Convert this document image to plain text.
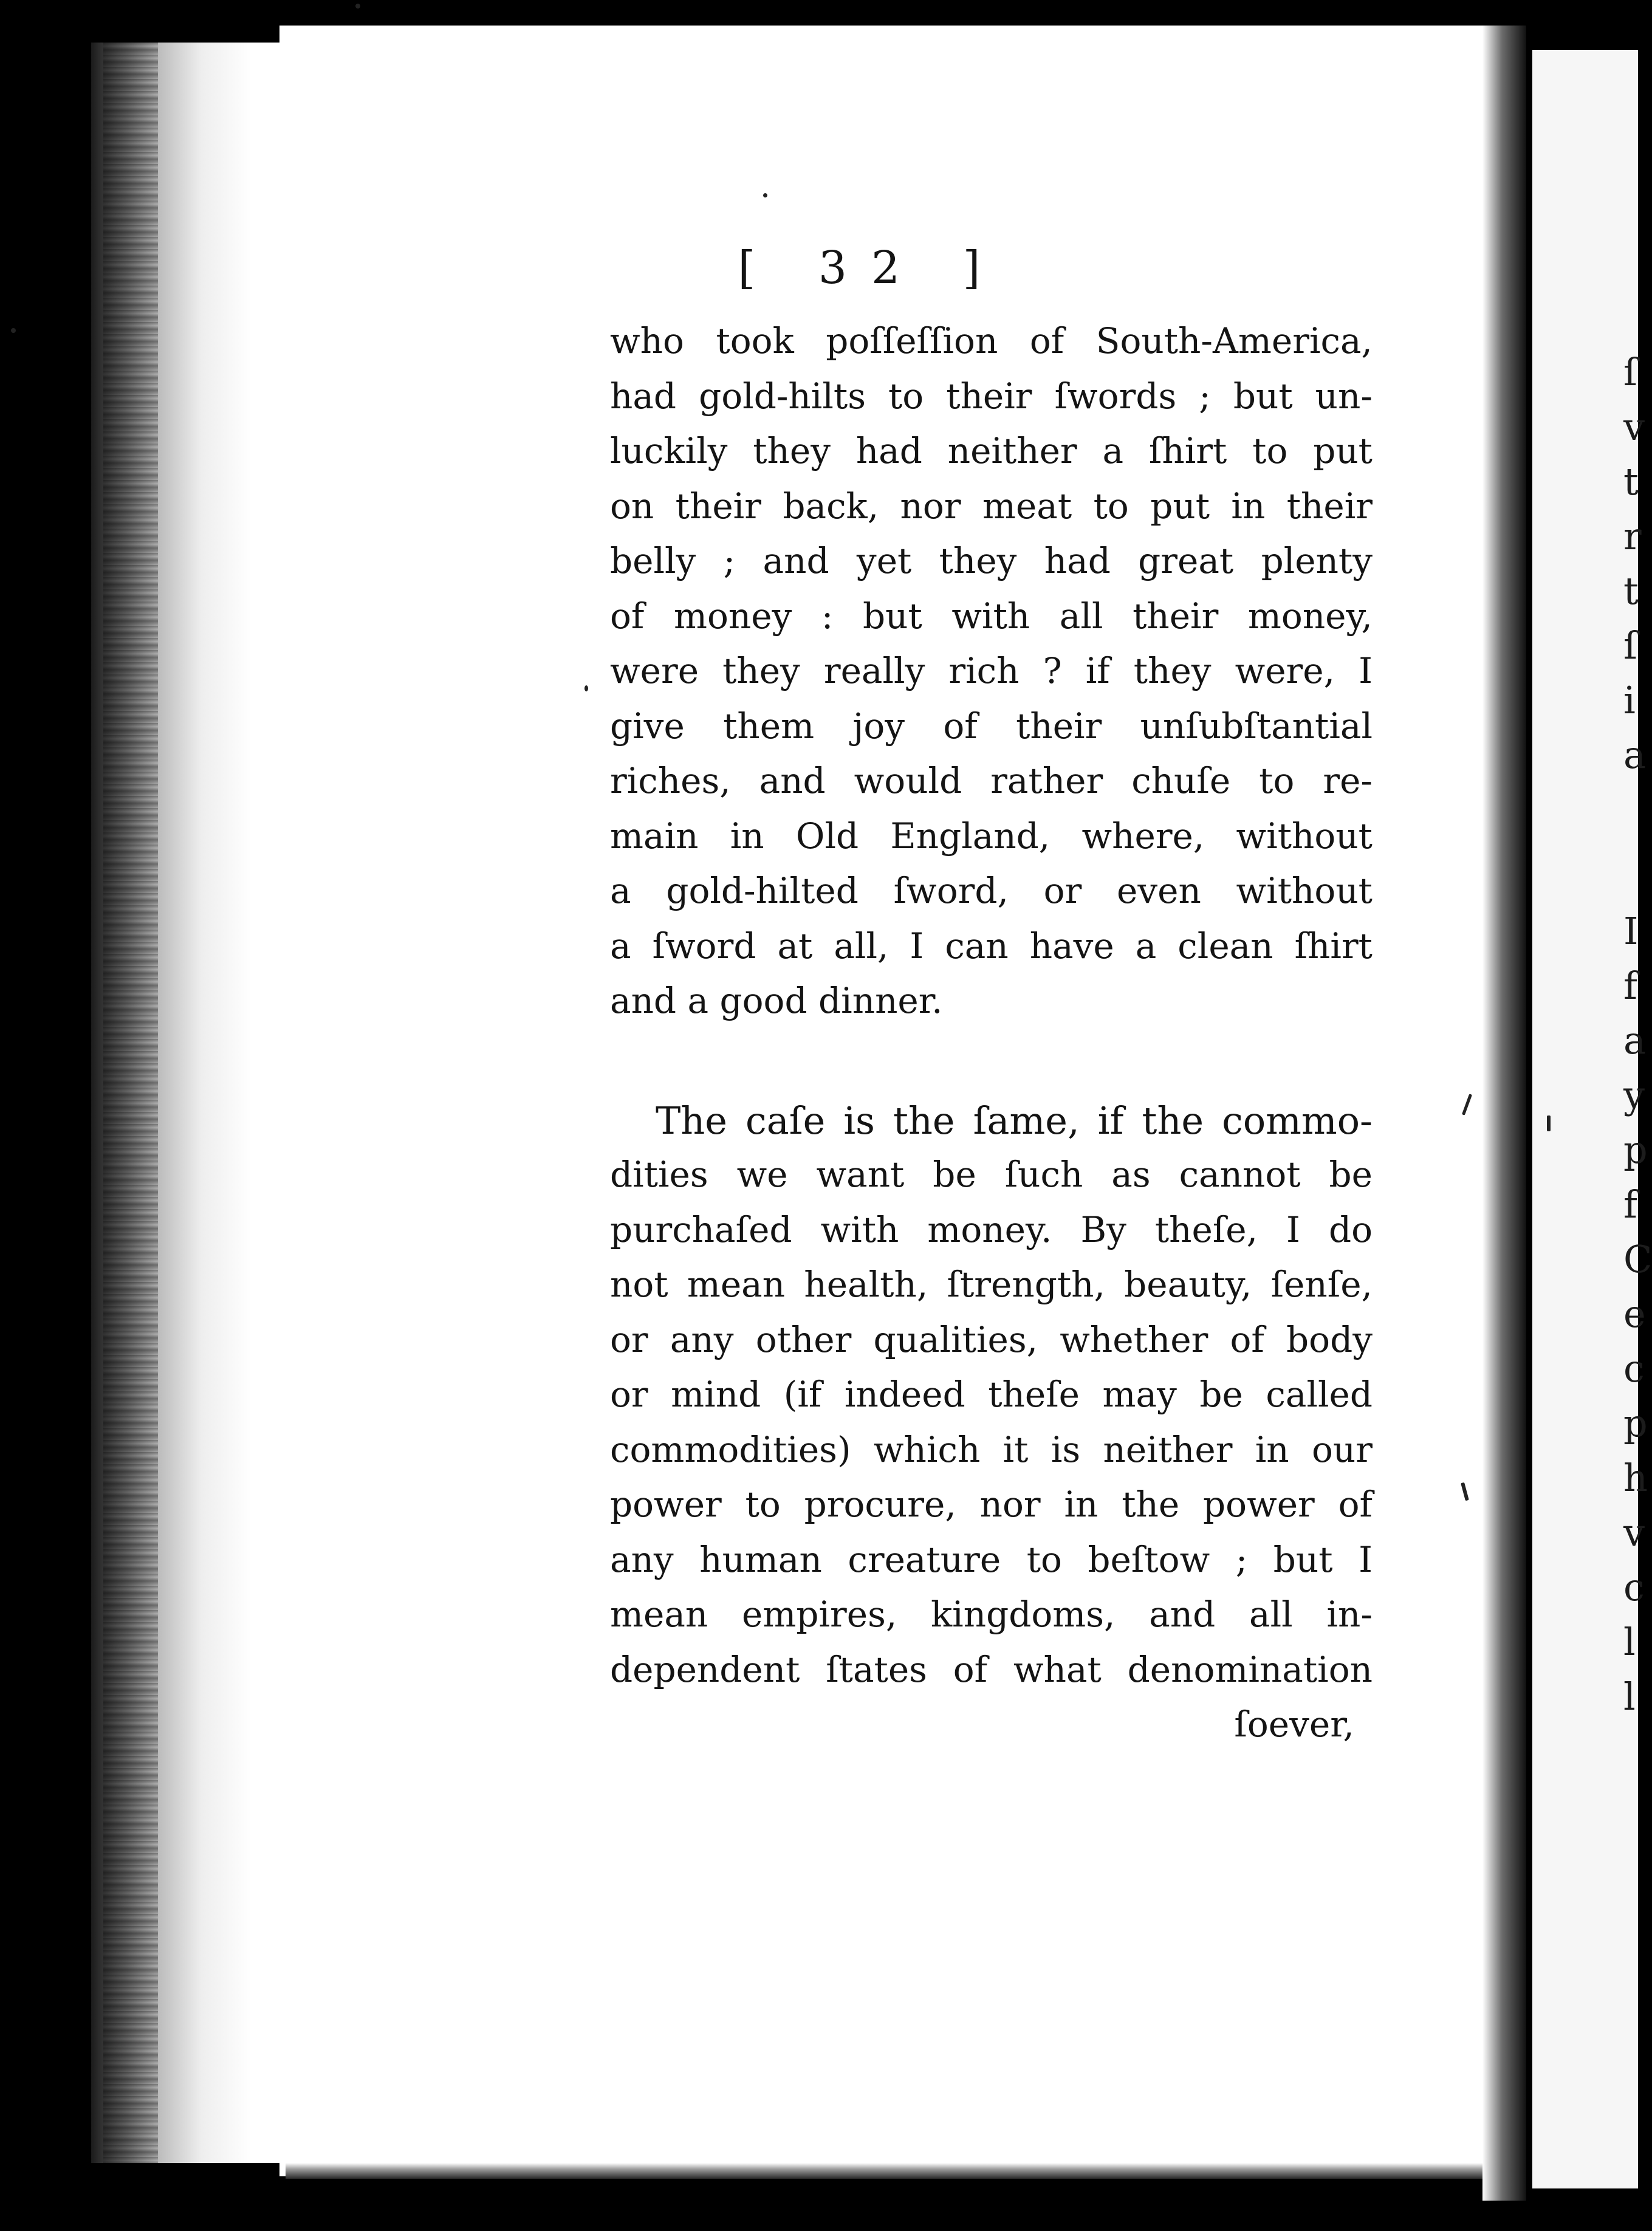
ſ
v
t
r
t
ſ
i
a
I
f
a
y
p
f
C
e
c
p
h
v
c
l
l
[ 32 ]
who took poſſeſſion of South-America,
had gold-hilts to their ſwords ; but un-
luckily they had neither a ſhirt to put
on their back, nor meat to put in their
belly ; and yet they had great plenty
of money : but with all their money,
were they really rich ? if they were, I
give them joy of their unſubſtantial
riches, and would rather chuſe to re-
main in Old England, where, without
a gold-hilted ſword, or even without
a ſword at all, I can have a clean ſhirt
and a good dinner.
The caſe is the ſame, if the commo-
dities we want be ſuch as cannot be
purchaſed with money. By theſe, I do
not mean health, ſtrength, beauty, ſenſe,
or any other qualities, whether of body
or mind (if indeed theſe may be called
commodities) which it is neither in our
power to procure, nor in the power of
any human creature to beſtow ; but I
mean empires, kingdoms, and all in-
dependent ſtates of what denomination
ſoever,
